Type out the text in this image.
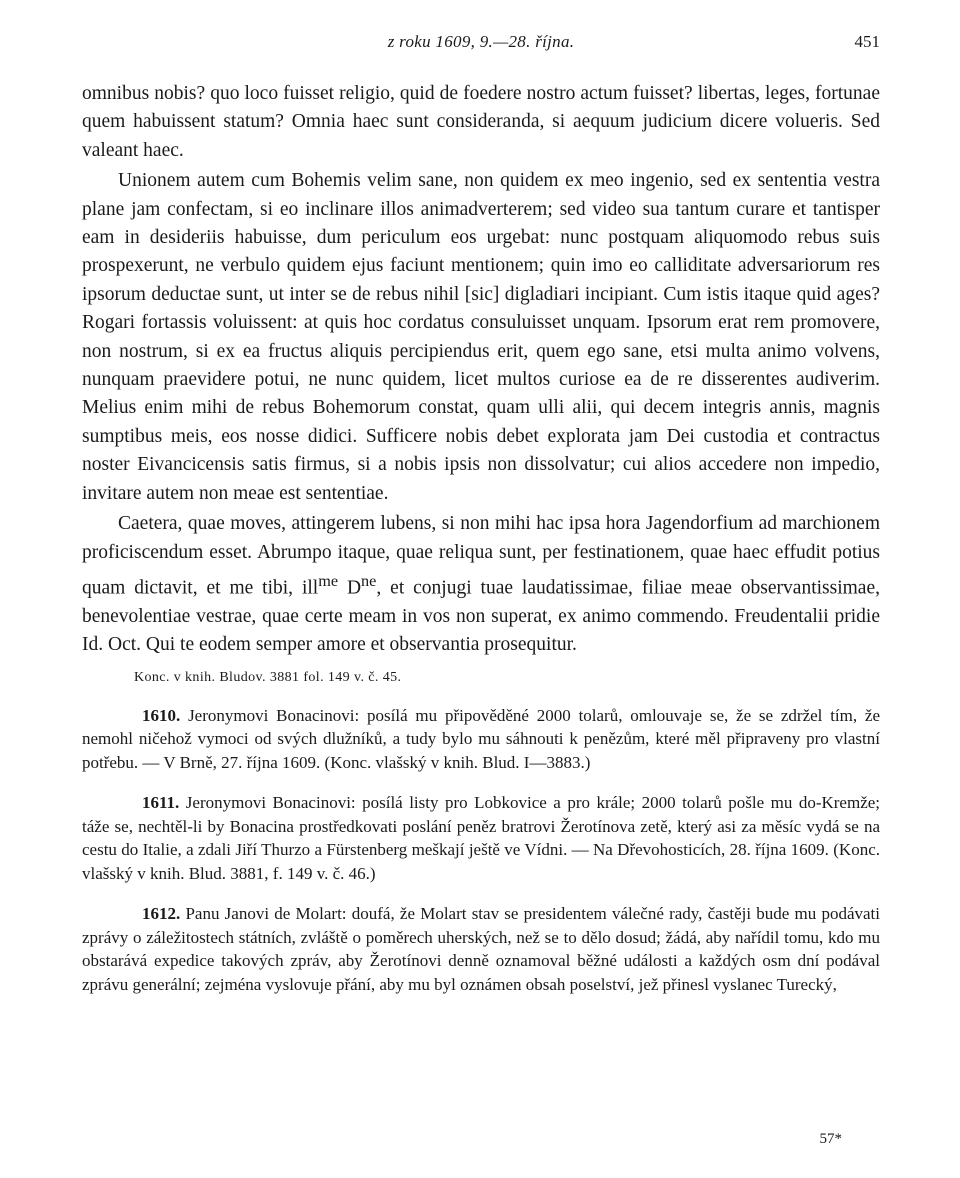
z roku 1609, 9.—28. října.	451

omnibus nobis? quo loco fuisset religio, quid de foedere nostro actum fuisset? libertas, leges, fortunae quem habuissent statum? Omnia haec sunt consideranda, si aequum judicium dicere volueris. Sed valeant haec.

Unionem autem cum Bohemis velim sane, non quidem ex meo ingenio, sed ex sententia vestra plane jam confectam, si eo inclinare illos animadverterem; sed video sua tantum curare et tantisper eam in desideriis habuisse, dum periculum eos urgebat: nunc postquam aliquomodo rebus suis prospexerunt, ne verbulo quidem ejus faciunt mentionem; quin imo eo calliditate adversariorum res ipsorum deductae sunt, ut inter se de rebus nihil [sic] digladiari incipiant. Cum istis itaque quid ages? Rogari fortassis voluissent: at quis hoc cordatus consuluisset unquam. Ipsorum erat rem promovere, non nostrum, si ex ea fructus aliquis percipiendus erit, quem ego sane, etsi multa animo volvens, nunquam praevidere potui, ne nunc quidem, licet multos curiose ea de re disserentes audiverim. Melius enim mihi de rebus Bohemorum constat, quam ulli alii, qui decem integris annis, magnis sumptibus meis, eos nosse didici. Sufficere nobis debet explorata jam Dei custodia et contractus noster Eivancicensis satis firmus, si a nobis ipsis non dissolvatur; cui alios accedere non impedio, invitare autem non meae est sententiae.

Caetera, quae moves, attingerem lubens, si non mihi hac ipsa hora Jagendorfium ad marchionem proficiscendum esset. Abrumpo itaque, quae reliqua sunt, per festinationem, quae haec effudit potius quam dictavit, et me tibi, ill$^{me}$ $D^{ne}$, et conjugi tuae laudatissimae, filiae meae observantissimae, benevolentiae vestrae, quae certe meam in vos non superat, ex animo commendo. Freudentalii pridie Id. Oct. Qui te eodem semper amore et observantia prosequitur.

Konc. v knih. Bludov. 3881 fol. 149 v. č. 45.

1610. Jeronymovi Bonacinovi: posílá mu připověděné 2000 tolarů, omlouvaje se, že se zdržel tím, že nemohl ničehož vymoci od svých dlužníků, a tudy bylo mu sáhnouti k penězům, které měl připraveny pro vlastní potřebu. — V Brně, 27. října 1609. (Konc. vlašský v knih. Blud. I—3883.)

1611. Jeronymovi Bonacinovi: posílá listy pro Lobkovice a pro krále; 2000 tolarů pošle mu do-Kremže; táže se, nechtěl-li by Bonacina prostředkovati poslání peněz bratrovi Žerotínova zetě, který asi za měsíc vydá se na cestu do Italie, a zdali Jiří Thurzo a Fürstenberg meškají ještě ve Vídni. — Na Dřevohosticích, 28. října 1609. (Konc. vlašský v knih. Blud. 3881, f. 149 v. č. 46.)

1612. Panu Janovi de Molart: doufá, že Molart stav se presidentem válečné rady, častěji bude mu podávati zprávy o záležitostech státních, zvláště o poměrech uherských, než se to dělo dosud; žádá, aby nařídil tomu, kdo mu obstarává expedice takových zpráv, aby Žerotínovi denně oznamoval běžné události a každých osm dní podával zprávu generální; zejména vyslovuje přání, aby mu byl oznámen obsah poselství, jež přinesl vyslanec Turecký,

57*
